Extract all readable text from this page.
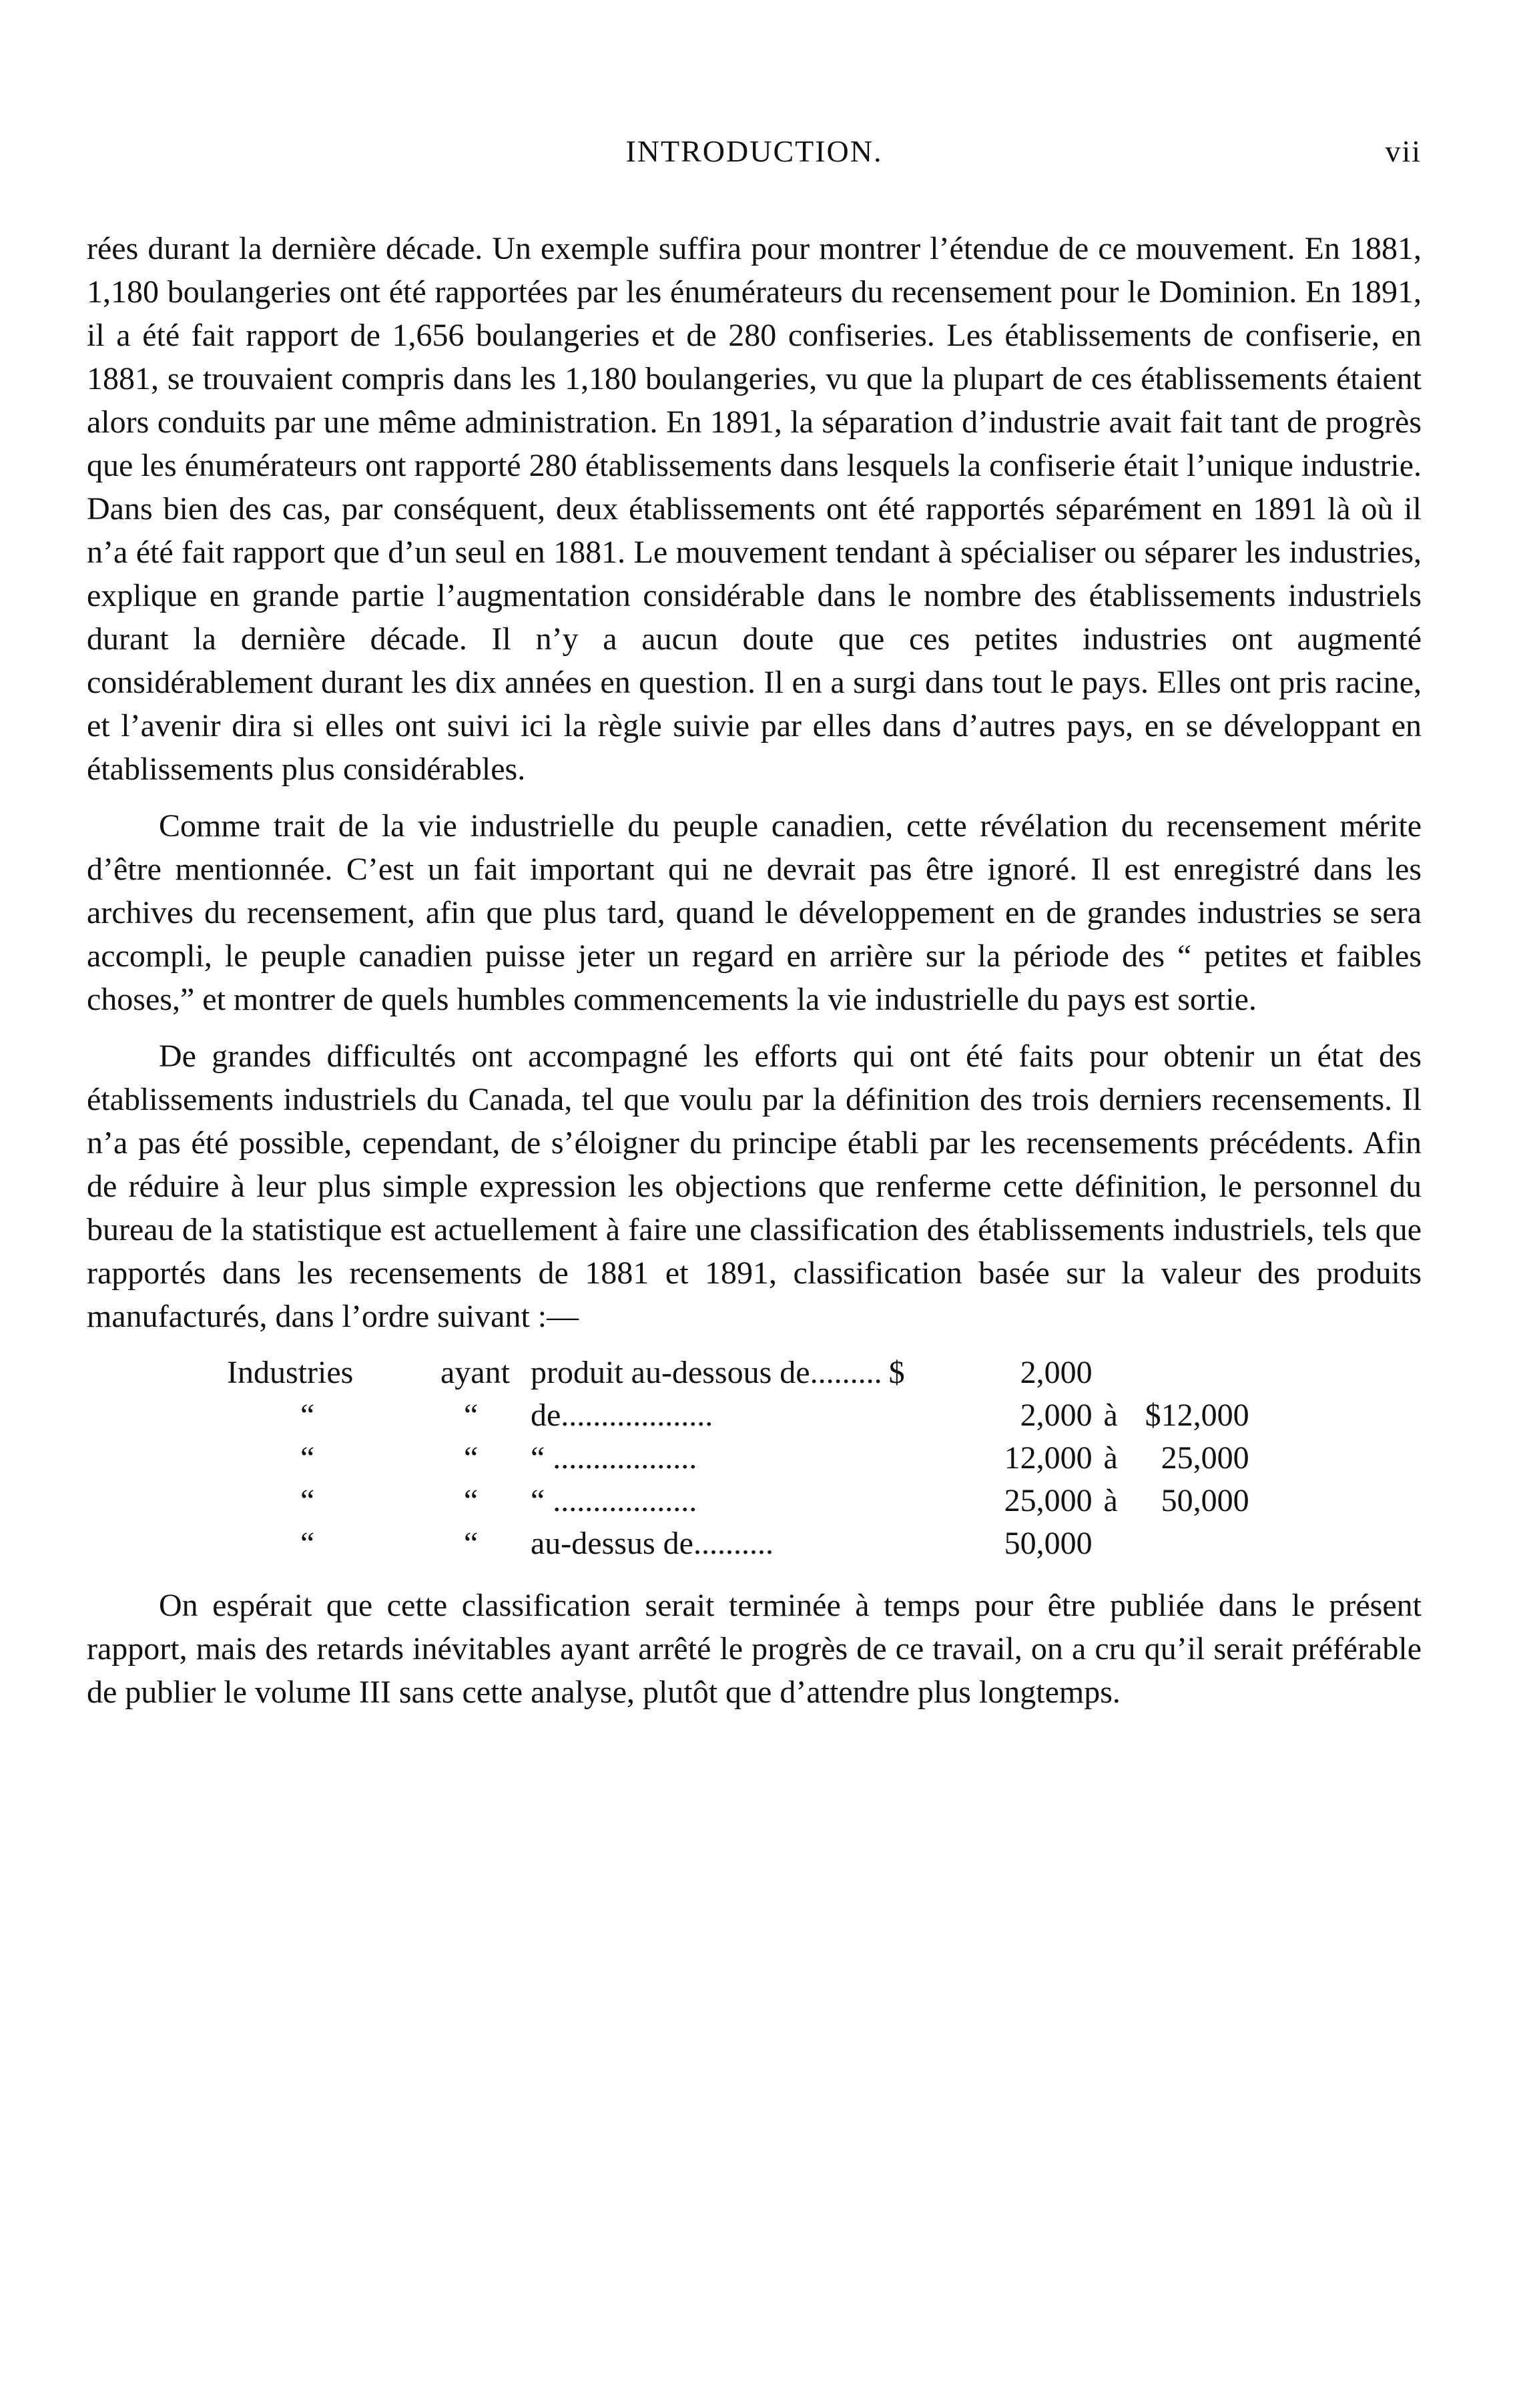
INTRODUCTION.	vii

rées durant la dernière décade. Un exemple suffira pour montrer l’étendue de ce mouvement. En 1881, 1,180 boulangeries ont été rapportées par les énumérateurs du recensement pour le Dominion. En 1891, il a été fait rapport de 1,656 boulangeries et de 280 confiseries. Les établissements de confiserie, en 1881, se trouvaient compris dans les 1,180 boulangeries, vu que la plupart de ces établissements étaient alors conduits par une même administration. En 1891, la séparation d’industrie avait fait tant de progrès que les énumérateurs ont rapporté 280 établissements dans lesquels la confiserie était l’unique industrie. Dans bien des cas, par conséquent, deux établissements ont été rapportés séparément en 1891 là où il n’a été fait rapport que d’un seul en 1881. Le mouvement tendant à spécialiser ou séparer les industries, explique en grande partie l’augmentation considérable dans le nombre des établissements industriels durant la dernière décade. Il n’y a aucun doute que ces petites industries ont augmenté considérablement durant les dix années en question. Il en a surgi dans tout le pays. Elles ont pris racine, et l’avenir dira si elles ont suivi ici la règle suivie par elles dans d’autres pays, en se développant en établissements plus considérables.

Comme trait de la vie industrielle du peuple canadien, cette révélation du recensement mérite d’être mentionnée. C’est un fait important qui ne devrait pas être ignoré. Il est enregistré dans les archives du recensement, afin que plus tard, quand le développement en de grandes industries se sera accompli, le peuple canadien puisse jeter un regard en arrière sur la période des “ petites et faibles choses,” et montrer de quels humbles commencements la vie industrielle du pays est sortie.

De grandes difficultés ont accompagné les efforts qui ont été faits pour obtenir un état des établissements industriels du Canada, tel que voulu par la définition des trois derniers recensements. Il n’a pas été possible, cependant, de s’éloigner du principe établi par les recensements précédents. Afin de réduire à leur plus simple expression les objections que renferme cette définition, le personnel du bureau de la statistique est actuellement à faire une classification des établissements industriels, tels que rapportés dans les recensements de 1881 et 1891, classification basée sur la valeur des produits manufacturés, dans l’ordre suivant :—

Industries	ayant	produit au-dessous de.........	$	2,000		
“	“	de...................		2,000	à	$12,000
“	“	“ ..................		12,000	à	25,000
“	“	“ ..................		25,000	à	50,000
“	“	au-dessus de..........		50,000		

On espérait que cette classification serait terminée à temps pour être publiée dans le présent rapport, mais des retards inévitables ayant arrêté le progrès de ce travail, on a cru qu’il serait préférable de publier le volume III sans cette analyse, plutôt que d’attendre plus longtemps.
